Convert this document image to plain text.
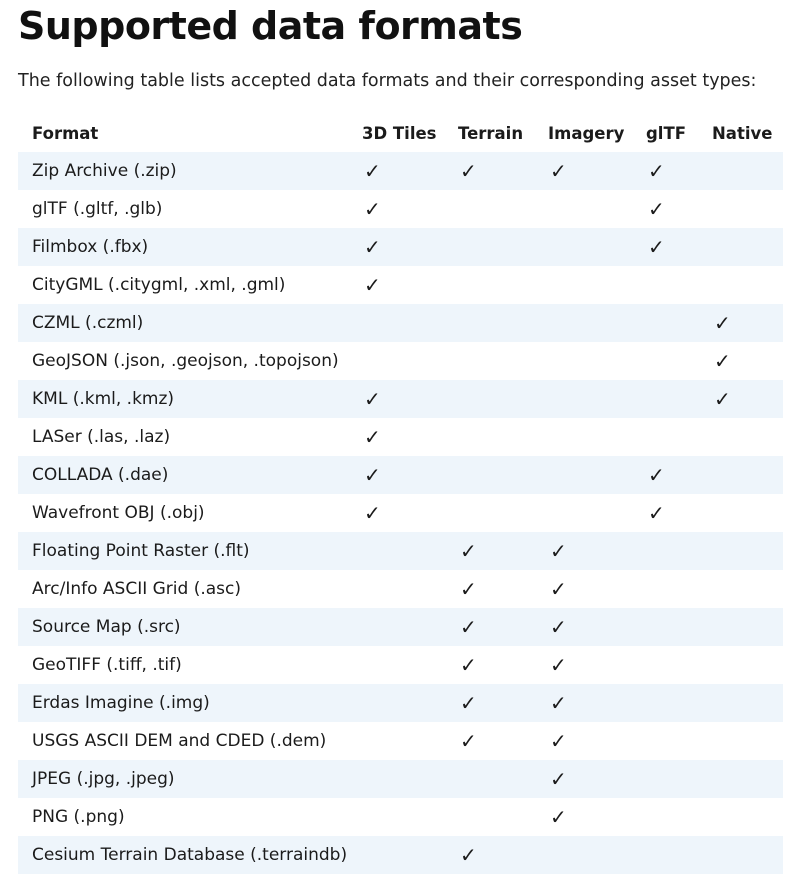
Supported data formats

The following table lists accepted data formats and their corresponding asset types:

Format	3D Tiles	Terrain	Imagery	glTF	Native
Zip Archive (.zip)	✓	✓	✓	✓	
glTF (.gltf, .glb)	✓			✓	
Filmbox (.fbx)	✓			✓	
CityGML (.citygml, .xml, .gml)	✓				
CZML (.czml)					✓
GeoJSON (.json, .geojson, .topojson)					✓
KML (.kml, .kmz)	✓				✓
LASer (.las, .laz)	✓				
COLLADA (.dae)	✓			✓	
Wavefront OBJ (.obj)	✓			✓	
Floating Point Raster (.flt)		✓	✓		
Arc/Info ASCII Grid (.asc)		✓	✓		
Source Map (.src)		✓	✓		
GeoTIFF (.tiff, .tif)		✓	✓		
Erdas Imagine (.img)		✓	✓		
USGS ASCII DEM and CDED (.dem)		✓	✓		
JPEG (.jpg, .jpeg)			✓		
PNG (.png)			✓		
Cesium Terrain Database (.terraindb)		✓			
